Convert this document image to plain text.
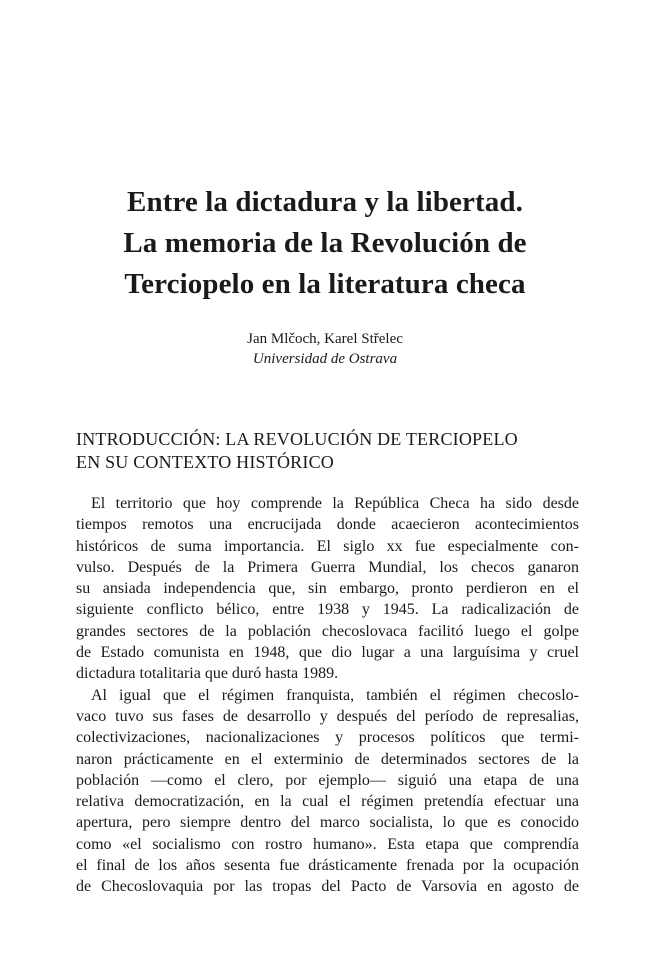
Entre la dictadura y la libertad.
La memoria de la Revolución de
Terciopelo en la literatura checa
Jan Mlčoch, Karel Střelec
Universidad de Ostrava
INTRODUCCIÓN: LA REVOLUCIÓN DE TERCIOPELO
EN SU CONTEXTO HISTÓRICO
El territorio que hoy comprende la República Checa ha sido desde
tiempos remotos una encrucijada donde acaecieron acontecimientos
históricos de suma importancia. El siglo xx fue especialmente con-
vulso. Después de la Primera Guerra Mundial, los checos ganaron
su ansiada independencia que, sin embargo, pronto perdieron en el
siguiente conflicto bélico, entre 1938 y 1945. La radicalización de
grandes sectores de la población checoslovaca facilitó luego el golpe
de Estado comunista en 1948, que dio lugar a una larguísima y cruel
dictadura totalitaria que duró hasta 1989.
Al igual que el régimen franquista, también el régimen checoslo-
vaco tuvo sus fases de desarrollo y después del período de represalias,
colectivizaciones, nacionalizaciones y procesos políticos que termi-
naron prácticamente en el exterminio de determinados sectores de la
población —como el clero, por ejemplo— siguió una etapa de una
relativa democratización, en la cual el régimen pretendía efectuar una
apertura, pero siempre dentro del marco socialista, lo que es conocido
como «el socialismo con rostro humano». Esta etapa que comprendía
el final de los años sesenta fue drásticamente frenada por la ocupación
de Checoslovaquia por las tropas del Pacto de Varsovia en agosto de
